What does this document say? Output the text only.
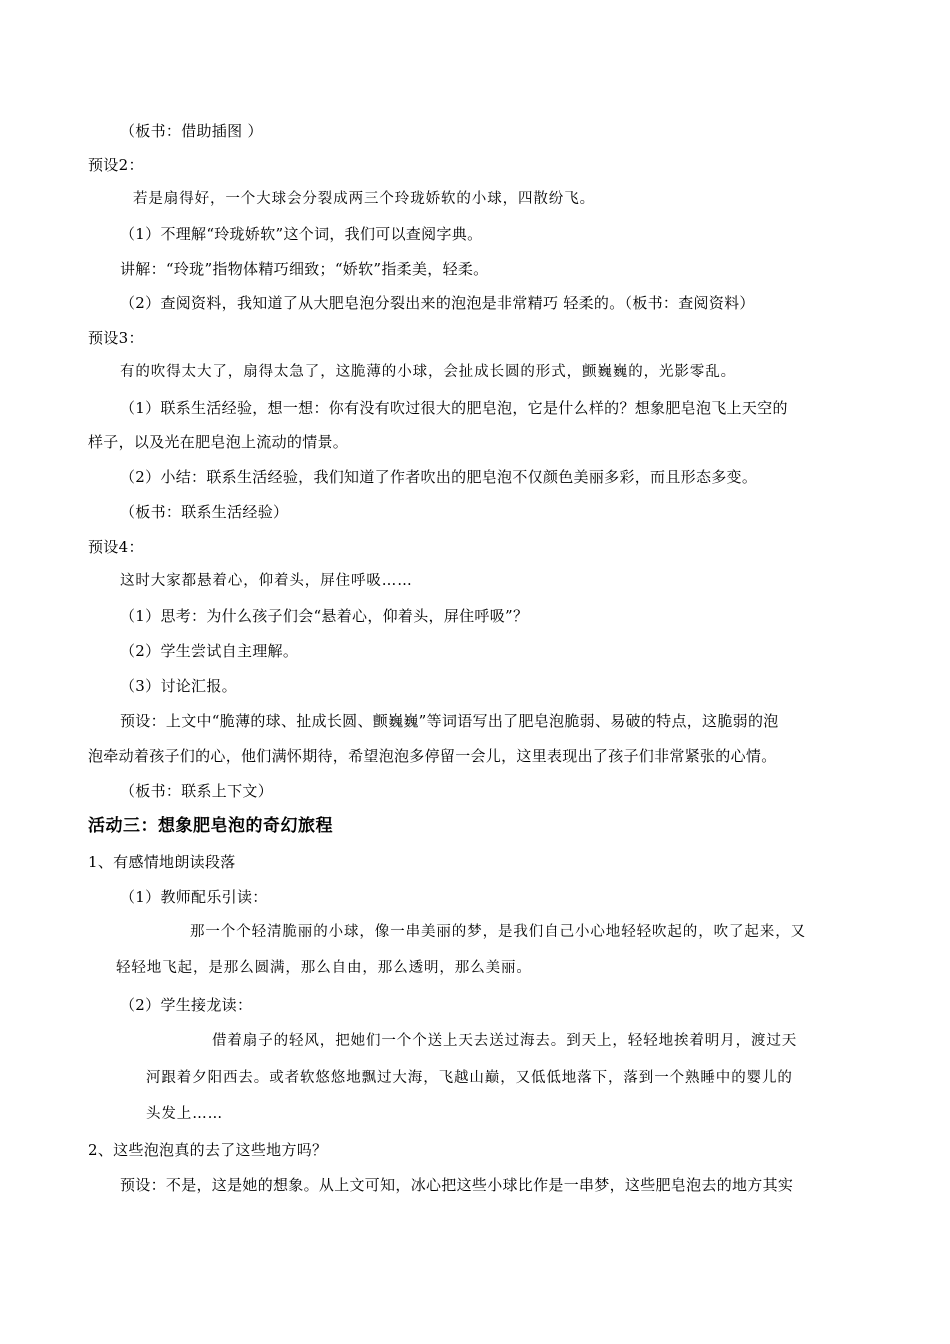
（板书：借助插图 ）
预设2：
若是扇得好，一个大球会分裂成两三个玲珑娇软的小球，四散纷飞。
（1）不理解“玲珑娇软”这个词，我们可以查阅字典。
讲解：“玲珑”指物体精巧细致；“娇软”指柔美，轻柔。
（2）查阅资料，我知道了从大肥皂泡分裂出来的泡泡是非常精巧 轻柔的。（板书：查阅资料）
预设3：
有的吹得太大了，扇得太急了，这脆薄的小球，会扯成长圆的形式，颤巍巍的，光影零乱。
（1）联系生活经验，想一想：你有没有吹过很大的肥皂泡，它是什么样的？想象肥皂泡飞上天空的
样子，以及光在肥皂泡上流动的情景。
（2）小结：联系生活经验，我们知道了作者吹出的肥皂泡不仅颜色美丽多彩，而且形态多变。
（板书：联系生活经验）
预设4：
这时大家都悬着心，仰着头，屏住呼吸……
（1）思考：为什么孩子们会“悬着心，仰着头，屏住呼吸”？
（2）学生尝试自主理解。
（3）讨论汇报。
预设：上文中“脆薄的球、扯成长圆、颤巍巍”等词语写出了肥皂泡脆弱、易破的特点，这脆弱的泡
泡牵动着孩子们的心，他们满怀期待，希望泡泡多停留一会儿，这里表现出了孩子们非常紧张的心情。
（板书：联系上下文）
活动三：想象肥皂泡的奇幻旅程
1、有感情地朗读段落
（1）教师配乐引读：
那一个个轻清脆丽的小球，像一串美丽的梦，是我们自己小心地轻轻吹起的，吹了起来，又
轻轻地飞起，是那么圆满，那么自由，那么透明，那么美丽。
（2）学生接龙读：
借着扇子的轻风，把她们一个个送上天去送过海去。到天上，轻轻地挨着明月，渡过天
河跟着夕阳西去。或者软悠悠地飘过大海，飞越山巅，又低低地落下，落到一个熟睡中的婴儿的
头发上……
2、这些泡泡真的去了这些地方吗？
预设：不是，这是她的想象。从上文可知，冰心把这些小球比作是一串梦，这些肥皂泡去的地方其实
